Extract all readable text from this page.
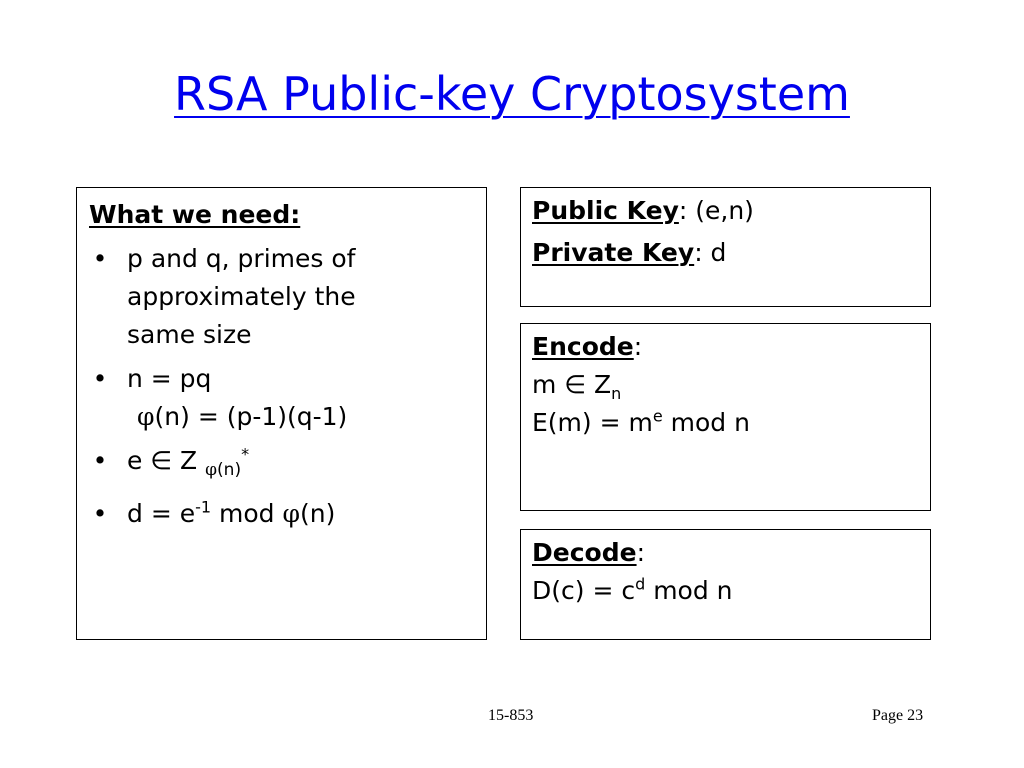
RSA Public-key Cryptosystem
What we need:
• p and q, primes of
approximately the
same size
• n = pq
φ(n) = (p-1)(q-1)
• e ∈ Z $_{\varphi(n)}$*
• $d = e^{-1}$ mod φ(n)
Public Key: (e,n)
Private Key: d
Encode:
m ∈ $Z_n$
$E(m) = m^e$ mod n
Decode:
$D(c) = c^d$ mod n
15-853	Page 23
